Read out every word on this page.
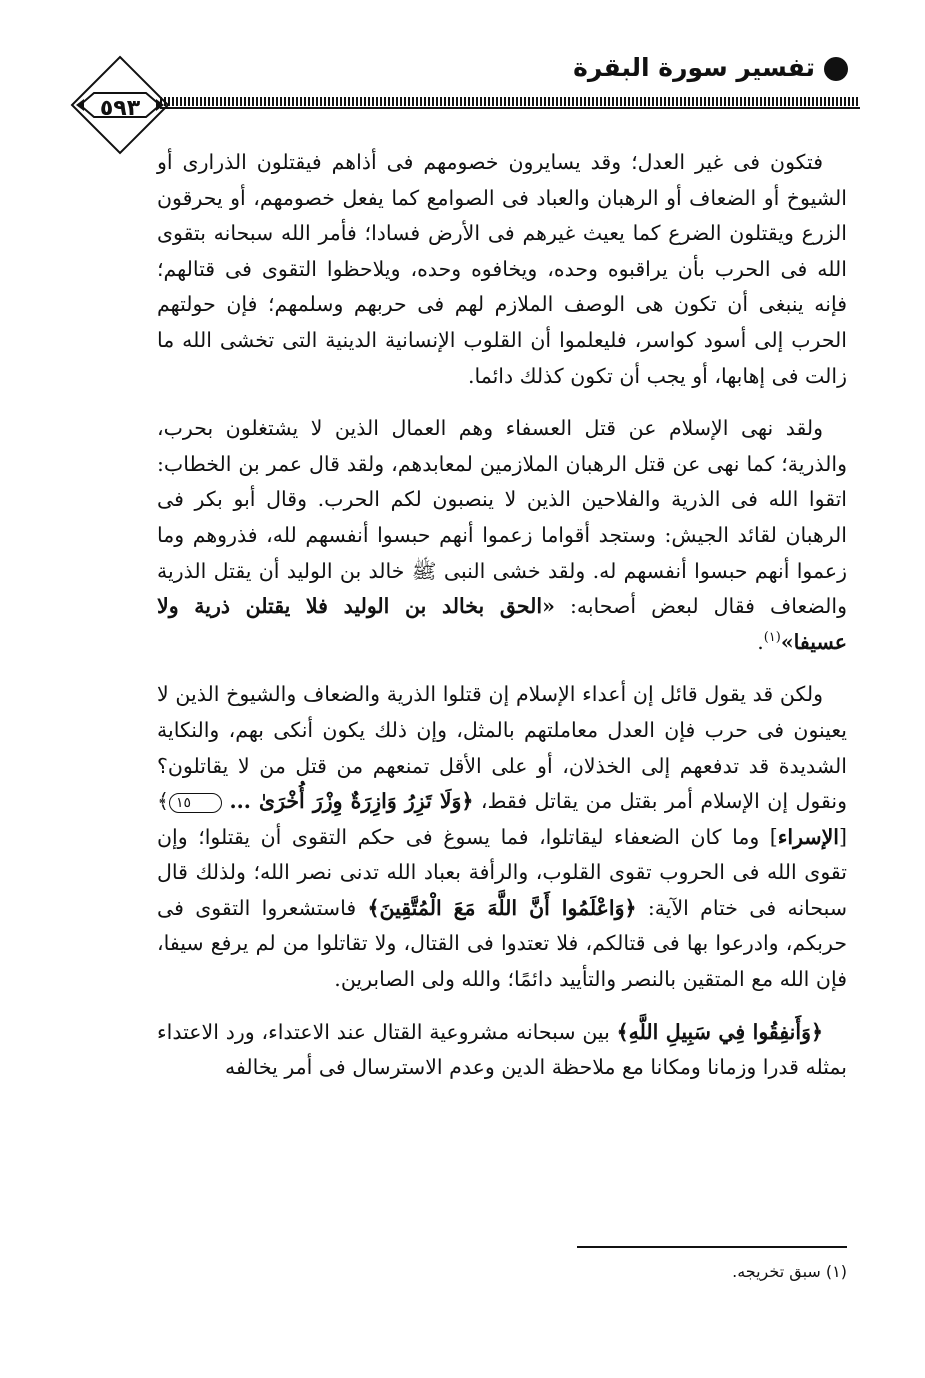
تفسير سورة البقرة
٥٩٣

فتكون فى غير العدل؛ وقد يسايرون خصومهم فى أذاهم فيقتلون الذرارى أو الشيوخ أو الضعاف أو الرهبان والعباد فى الصوامع كما يفعل خصومهم، أو يحرقون الزرع ويقتلون الضرع كما يعيث غيرهم فى الأرض فسادا؛ فأمر الله سبحانه بتقوى الله فى الحرب بأن يراقبوه وحده، ويخافوه وحده، ويلاحظوا التقوى فى قتالهم؛ فإنه ينبغى أن تكون هى الوصف الملازم لهم فى حربهم وسلمهم؛ فإن حولتهم الحرب إلى أسود كواسر، فليعلموا أن القلوب الإنسانية الدينية التى تخشى الله ما زالت فى إهابها، أو يجب أن تكون كذلك دائما.

ولقد نهى الإسلام عن قتل العسفاء وهم العمال الذين لا يشتغلون بحرب، والذرية؛ كما نهى عن قتل الرهبان الملازمين لمعابدهم، ولقد قال عمر بن الخطاب: اتقوا الله فى الذرية والفلاحين الذين لا ينصبون لكم الحرب. وقال أبو بكر فى الرهبان لقائد الجيش: وستجد أقواما زعموا أنهم حبسوا أنفسهم لله، فذروهم وما زعموا أنهم حبسوا أنفسهم له. ولقد خشى النبى ﷺ خالد بن الوليد أن يقتل الذرية والضعاف فقال لبعض أصحابه: «الحق بخالد بن الوليد فلا يقتلن ذرية ولا عسيفا»$^{(١)}$.

ولكن قد يقول قائل إن أعداء الإسلام إن قتلوا الذرية والضعاف والشيوخ الذين لا يعينون فى حرب فإن العدل معاملتهم بالمثل، وإن ذلك يكون أنكى بهم، والنكاية الشديدة قد تدفعهم إلى الخذلان، أو على الأقل تمنعهم من قتل من لا يقاتلون؟ ونقول إن الإسلام أمر بقتل من يقاتل فقط، ﴿وَلَا تَزِرُ وَازِرَةٌ وِزْرَ أُخْرَىٰ ... ١٥﴾ [الإسراء] وما كان الضعفاء ليقاتلوا، فما يسوغ فى حكم التقوى أن يقتلوا؛ وإن تقوى الله فى الحروب تقوى القلوب، والرأفة بعباد الله تدنى نصر الله؛ ولذلك قال سبحانه فى ختام الآية: ﴿وَاعْلَمُوا أَنَّ اللَّهَ مَعَ الْمُتَّقِينَ﴾ فاستشعروا التقوى فى حربكم، وادرعوا بها فى قتالكم، فلا تعتدوا فى القتال، ولا تقاتلوا من لم يرفع سيفا، فإن الله مع المتقين بالنصر والتأييد دائمًا؛ والله ولى الصابرين.

﴿وَأَنفِقُوا فِي سَبِيلِ اللَّهِ﴾ بين سبحانه مشروعية القتال عند الاعتداء، ورد الاعتداء بمثله قدرا وزمانا ومكانا مع ملاحظة الدين وعدم الاسترسال فى أمر يخالفه

(١) سبق تخريجه.
